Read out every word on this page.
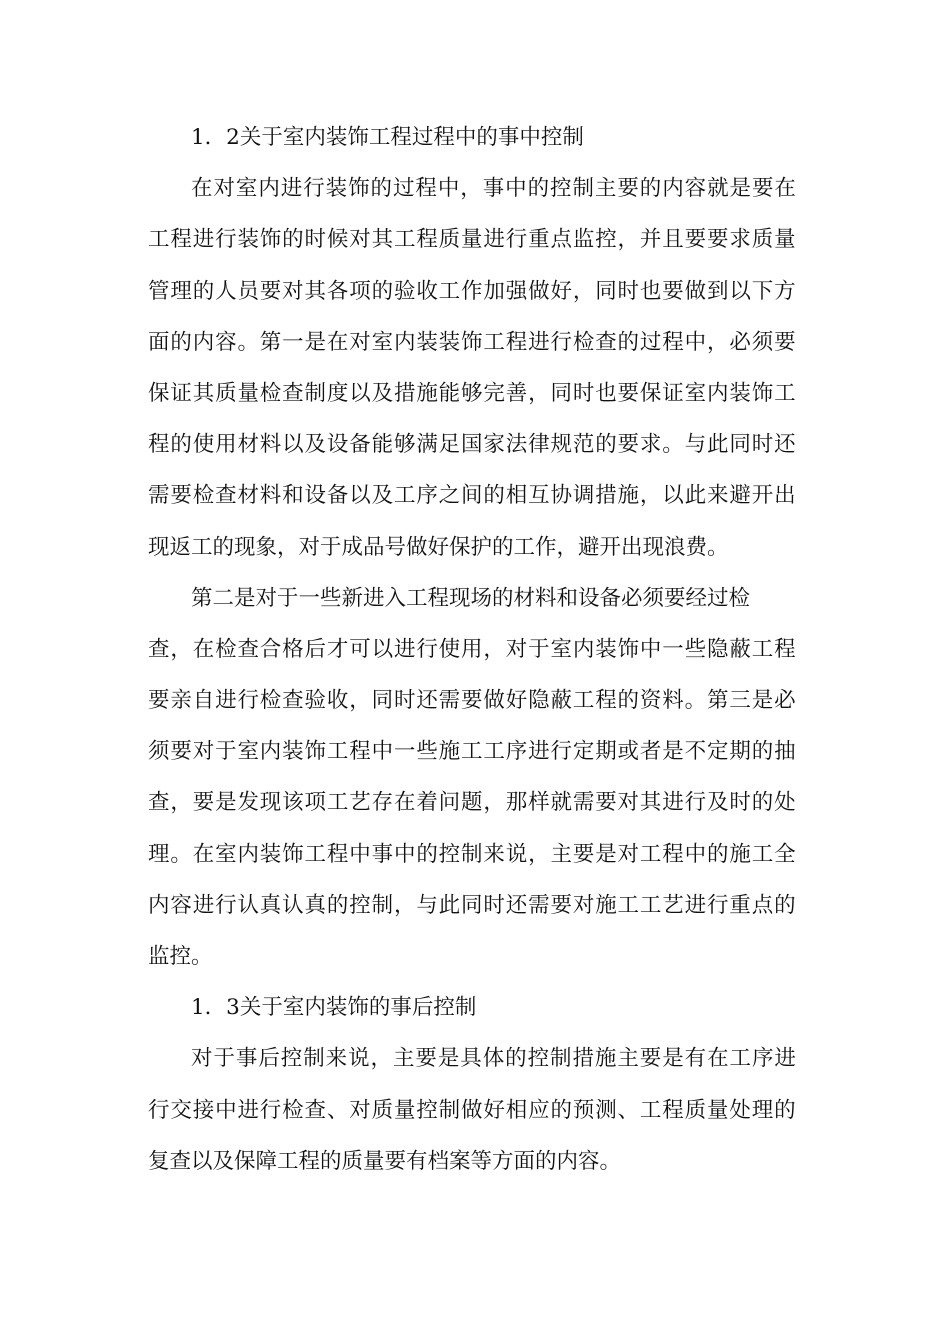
1．2关于室内装饰工程过程中的事中控制
在 对 室 内 进 行 装 饰 的 过 程 中 ， 事 中 的 控 制 主 要 的 内 容 就 是 要 在
工 程 进 行 装 饰 的 时 候 对 其 工 程 质 量 进 行 重 点 监 控 ， 并 且 要 要 求 质 量
管 理 的 人 员 要 对 其 各 项 的 验 收 工 作 加 强 做 好 ， 同 时 也 要 做 到 以 下 方
面 的 内 容 。 第 一 是 在 对 室 内 装 装 饰 工 程 进 行 检 查 的 过 程 中 ， 必 须 要
保 证 其 质 量 检 查 制 度 以 及 措 施 能 够 完 善 ， 同 时 也 要 保 证 室 内 装 饰 工
程 的 使 用 材 料 以 及 设 备 能 够 满 足 国 家 法 律 规 范 的 要 求 。 与 此 同 时 还
需 要 检 查 材 料 和 设 备 以 及 工 序 之 间 的 相 互 协 调 措 施 ， 以 此 来 避 开 出
现返工的现象，对于成品号做好保护的工作，避开出现浪费。
第二是对于一些新进入工程现场的材料和设备必须要经过检
查 ， 在 检 查 合 格 后 才 可 以 进 行 使 用 ， 对 于 室 内 装 饰 中 一 些 隐 蔽 工 程
要 亲 自 进 行 检 查 验 收 ， 同 时 还 需 要 做 好 隐 蔽 工 程 的 资 料 。 第 三 是 必
须 要 对 于 室 内 装 饰 工 程 中 一 些 施 工 工 序 进 行 定 期 或 者 是 不 定 期 的 抽
查 ， 要 是 发 现 该 项 工 艺 存 在 着 问 题 ， 那 样 就 需 要 对 其 进 行 及 时 的 处
理 。 在 室 内 装 饰 工 程 中 事 中 的 控 制 来 说 ， 主 要 是 对 工 程 中 的 施 工 全
内 容 进 行 认 真 认 真 的 控 制 ， 与 此 同 时 还 需 要 对 施 工 工 艺 进 行 重 点 的
监控。
1．3关于室内装饰的事后控制
对 于 事 后 控 制 来 说 ， 主 要 是 具 体 的 控 制 措 施 主 要 是 有 在 工 序 进
行 交 接 中 进 行 检 查 、 对 质 量 控 制 做 好 相 应 的 预 测 、 工 程 质 量 处 理 的
复查以及保障工程的质量要有档案等方面的内容。
